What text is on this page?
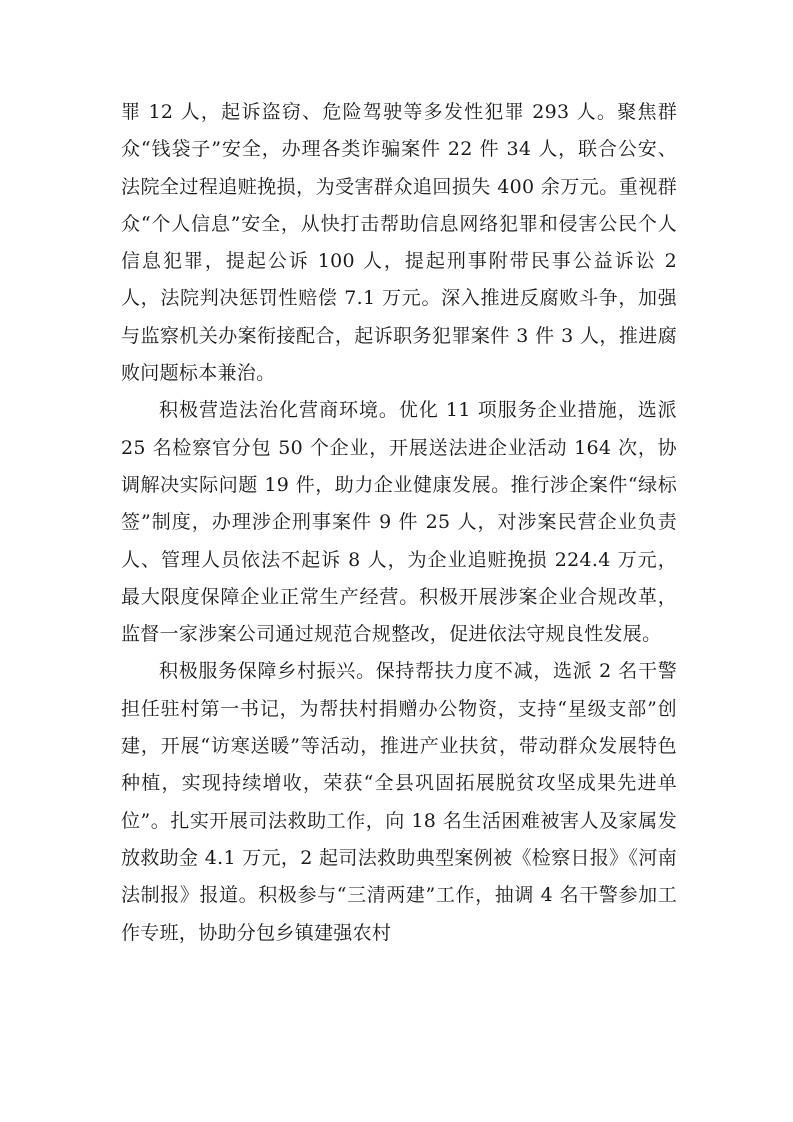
罪 12 人，起诉盗窃、危险驾驶等多发性犯罪 293 人。聚焦群众“钱袋子”安全，办理各类诈骗案件 22 件 34 人，联合公安、法院全过程追赃挽损，为受害群众追回损失 400 余万元。重视群众“个人信息”安全，从快打击帮助信息网络犯罪和侵害公民个人信息犯罪，提起公诉 100 人，提起刑事附带民事公益诉讼 2 人，法院判决惩罚性赔偿 7.1 万元。深入推进反腐败斗争，加强与监察机关办案衔接配合，起诉职务犯罪案件 3 件 3 人，推进腐败问题标本兼治。

积极营造法治化营商环境。优化 11 项服务企业措施，选派 25 名检察官分包 50 个企业，开展送法进企业活动 164 次，协调解决实际问题 19 件，助力企业健康发展。推行涉企案件“绿标签”制度，办理涉企刑事案件 9 件 25 人，对涉案民营企业负责人、管理人员依法不起诉 8 人，为企业追赃挽损 224.4 万元，最大限度保障企业正常生产经营。积极开展涉案企业合规改革，监督一家涉案公司通过规范合规整改，促进依法守规良性发展。

积极服务保障乡村振兴。保持帮扶力度不减，选派 2 名干警担任驻村第一书记，为帮扶村捐赠办公物资，支持“星级支部”创建，开展“访寒送暖”等活动，推进产业扶贫，带动群众发展特色种植，实现持续增收，荣获“全县巩固拓展脱贫攻坚成果先进单位”。扎实开展司法救助工作，向 18 名生活困难被害人及家属发放救助金 4.1 万元，2 起司法救助典型案例被《检察日报》《河南法制报》报道。积极参与“三清两建”工作，抽调 4 名干警参加工作专班，协助分包乡镇建强农村
